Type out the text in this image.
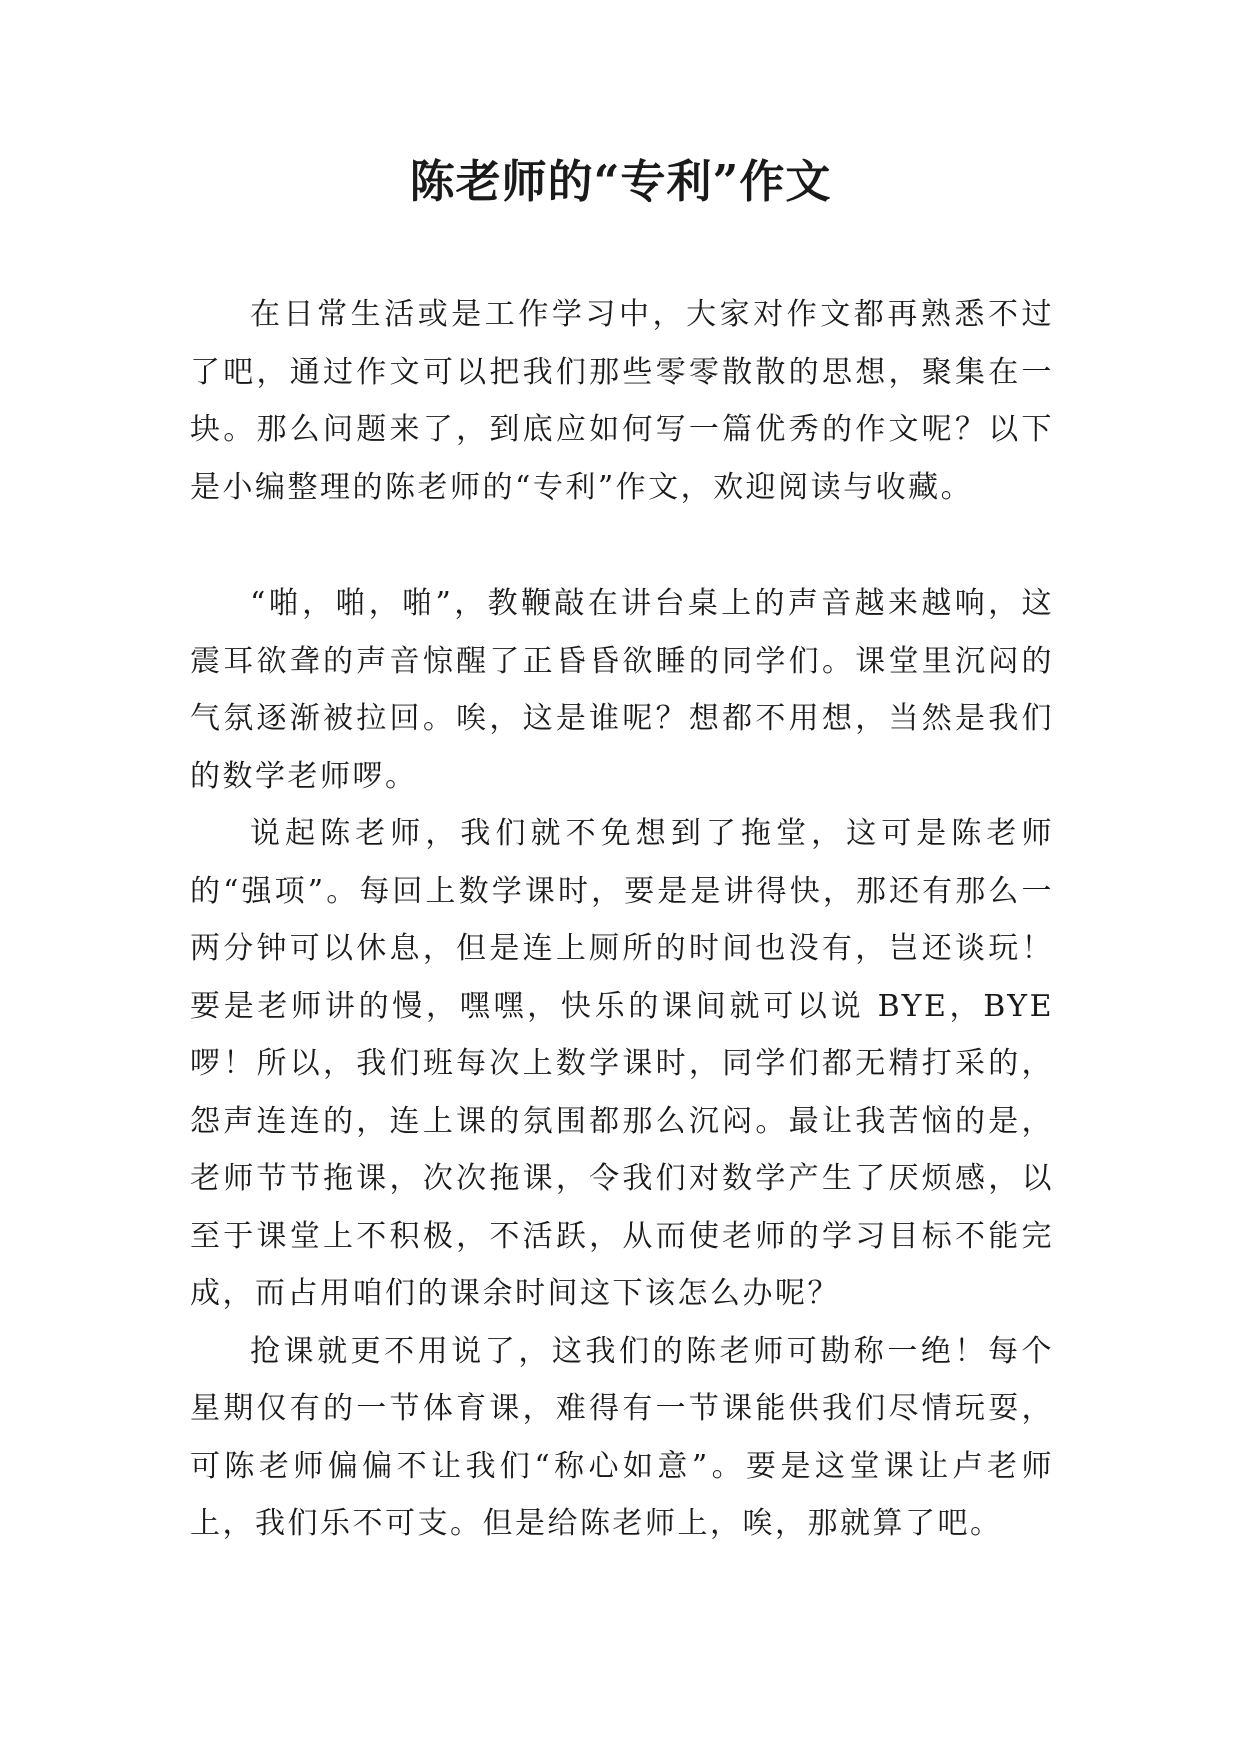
陈老师的“专利”作文

在日常生活或是工作学习中，大家对作文都再熟悉不过了吧，通过作文可以把我们那些零零散散的思想，聚集在一块。那么问题来了，到底应如何写一篇优秀的作文呢？以下是小编整理的陈老师的“专利”作文，欢迎阅读与收藏。

“啪，啪，啪”，教鞭敲在讲台桌上的声音越来越响，这震耳欲聋的声音惊醒了正昏昏欲睡的同学们。课堂里沉闷的气氛逐渐被拉回。唉，这是谁呢？想都不用想，当然是我们的数学老师啰。

说起陈老师，我们就不免想到了拖堂，这可是陈老师的“强项”。每回上数学课时，要是是讲得快，那还有那么一两分钟可以休息，但是连上厕所的时间也没有，岂还谈玩！要是老师讲的慢，嘿嘿，快乐的课间就可以说 BYE，BYE 啰！所以，我们班每次上数学课时，同学们都无精打采的，怨声连连的，连上课的氛围都那么沉闷。最让我苦恼的是，老师节节拖课，次次拖课，令我们对数学产生了厌烦感，以至于课堂上不积极，不活跃，从而使老师的学习目标不能完成，而占用咱们的课余时间这下该怎么办呢？

抢课就更不用说了，这我们的陈老师可勘称一绝！每个星期仅有的一节体育课，难得有一节课能供我们尽情玩耍，可陈老师偏偏不让我们“称心如意”。要是这堂课让卢老师上，我们乐不可支。但是给陈老师上，唉，那就算了吧。
